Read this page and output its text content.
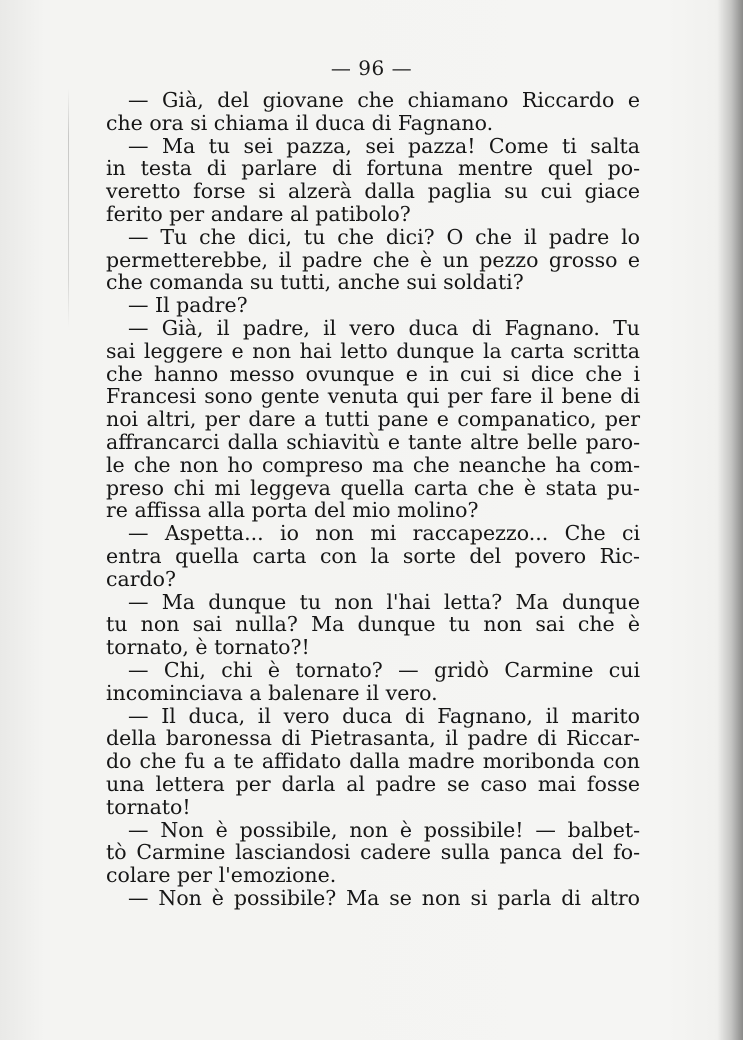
— 96 —
— Già, del giovane che chiamano Riccardo e
che ora si chiama il duca di Fagnano.
— Ma tu sei pazza, sei pazza! Come ti salta
in testa di parlare di fortuna mentre quel po-
veretto forse si alzerà dalla paglia su cui giace
ferito per andare al patibolo?
— Tu che dici, tu che dici? O che il padre lo
permetterebbe, il padre che è un pezzo grosso e
che comanda su tutti, anche sui soldati?
— Il padre?
— Già, il padre, il vero duca di Fagnano. Tu
sai leggere e non hai letto dunque la carta scritta
che hanno messo ovunque e in cui si dice che i
Francesi sono gente venuta qui per fare il bene di
noi altri, per dare a tutti pane e companatico, per
affrancarci dalla schiavitù e tante altre belle paro-
le che non ho compreso ma che neanche ha com-
preso chi mi leggeva quella carta che è stata pu-
re affissa alla porta del mio molino?
— Aspetta... io non mi raccapezzo... Che ci
entra quella carta con la sorte del povero Ric-
cardo?
— Ma dunque tu non l'hai letta? Ma dunque
tu non sai nulla? Ma dunque tu non sai che è
tornato, è tornato?!
— Chi, chi è tornato? — gridò Carmine cui
incominciava a balenare il vero.
— Il duca, il vero duca di Fagnano, il marito
della baronessa di Pietrasanta, il padre di Riccar-
do che fu a te affidato dalla madre moribonda con
una lettera per darla al padre se caso mai fosse
tornato!
— Non è possibile, non è possibile! — balbet-
tò Carmine lasciandosi cadere sulla panca del fo-
colare per l'emozione.
— Non è possibile? Ma se non si parla di altro
